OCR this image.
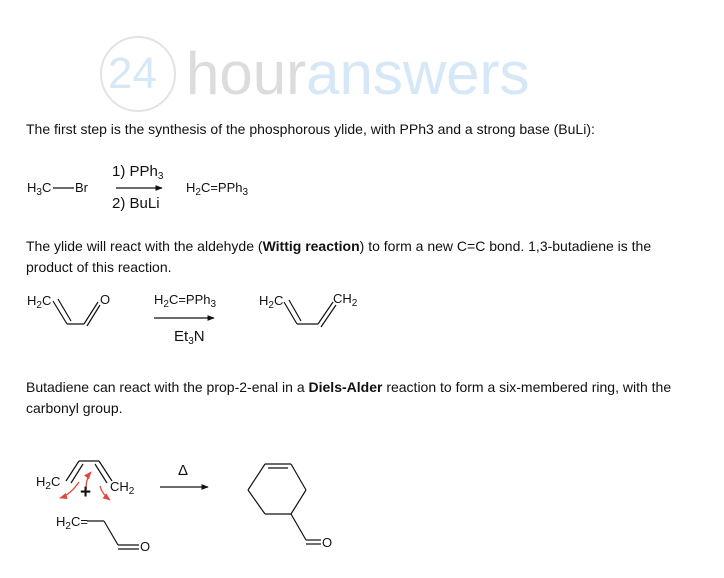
24 houranswers
The first step is the synthesis of the phosphorous ylide, with PPh3 and a strong base (BuLi):
$H_3C$ Br
1) PPh$_3$
2) BuLi
$H_2C=PPh_3$
The ylide will react with the aldehyde (Wittig reaction) to form a new C=C bond. 1,3-butadiene is the product of this reaction.
$H_2C$	O	$H_2C=PPh_3$
$Et_3N$
$H_2C$	$CH_2$
Butadiene can react with the prop-2-enal in a Diels-Alder reaction to form a six-membered ring, with the carbonyl group.
$H_2C$	$CH_2$
+
$H_2C=$
O
Δ
O
